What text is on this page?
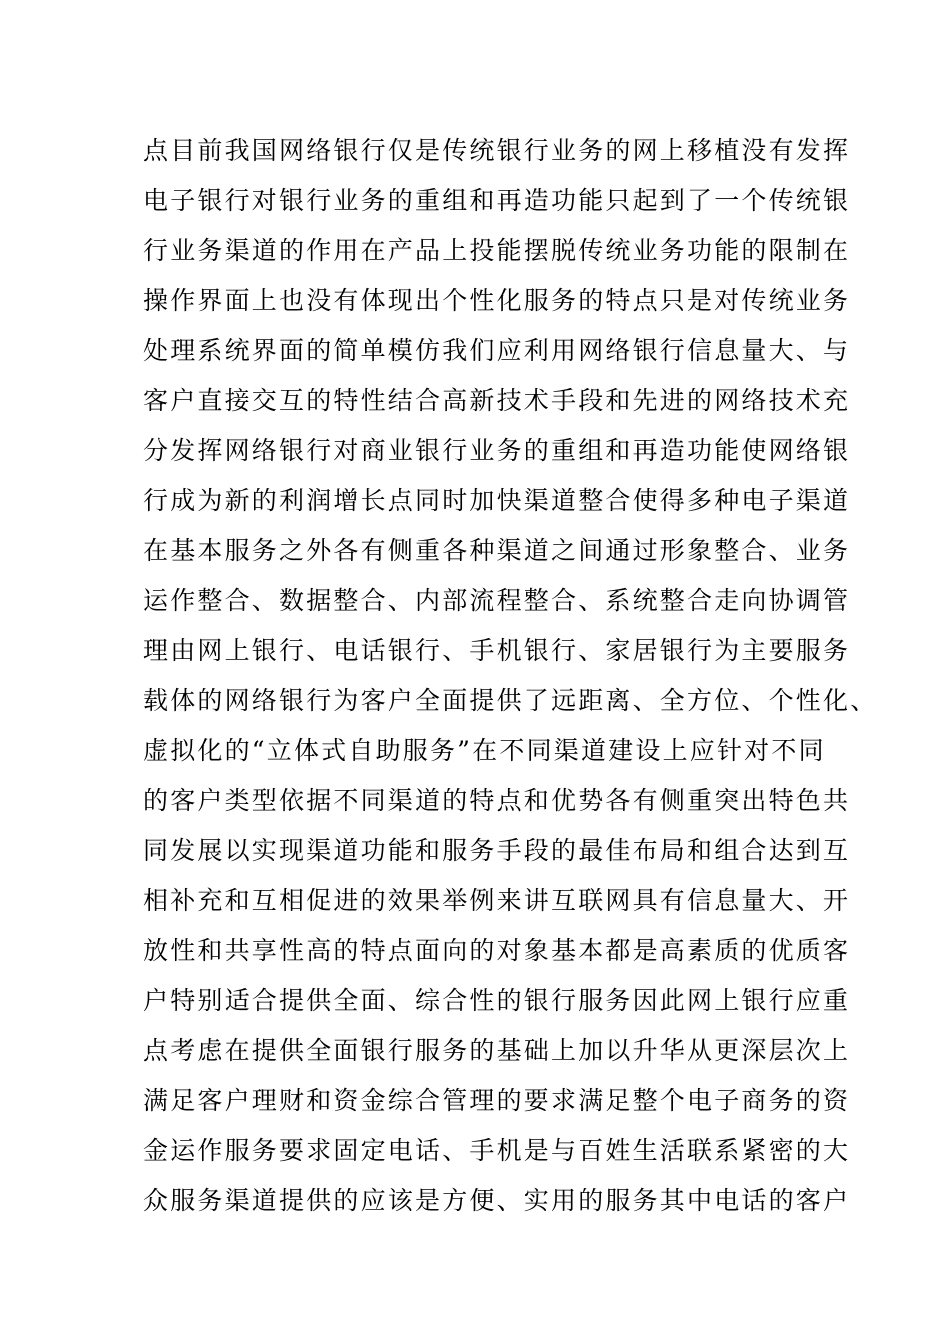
点目前我国网络银行仅是传统银行业务的网上移植没有发挥
电子银行对银行业务的重组和再造功能只起到了一个传统银
行业务渠道的作用在产品上投能摆脱传统业务功能的限制在
操作界面上也没有体现出个性化服务的特点只是对传统业务
处理系统界面的简单模仿我们应利用网络银行信息量大、与
客户直接交互的特性结合高新技术手段和先进的网络技术充
分发挥网络银行对商业银行业务的重组和再造功能使网络银
行成为新的利润增长点同时加快渠道整合使得多种电子渠道
在基本服务之外各有侧重各种渠道之间通过形象整合、业务
运作整合、数据整合、内部流程整合、系统整合走向协调管
理由网上银行、电话银行、手机银行、家居银行为主要服务
载体的网络银行为客户全面提供了远距离、全方位、个性化、
虚拟化的“立体式自助服务”在不同渠道建设上应针对不同
的客户类型依据不同渠道的特点和优势各有侧重突出特色共
同发展以实现渠道功能和服务手段的最佳布局和组合达到互
相补充和互相促进的效果举例来讲互联网具有信息量大、开
放性和共享性高的特点面向的对象基本都是高素质的优质客
户特别适合提供全面、综合性的银行服务因此网上银行应重
点考虑在提供全面银行服务的基础上加以升华从更深层次上
满足客户理财和资金综合管理的要求满足整个电子商务的资
金运作服务要求固定电话、手机是与百姓生活联系紧密的大
众服务渠道提供的应该是方便、实用的服务其中电话的客户
